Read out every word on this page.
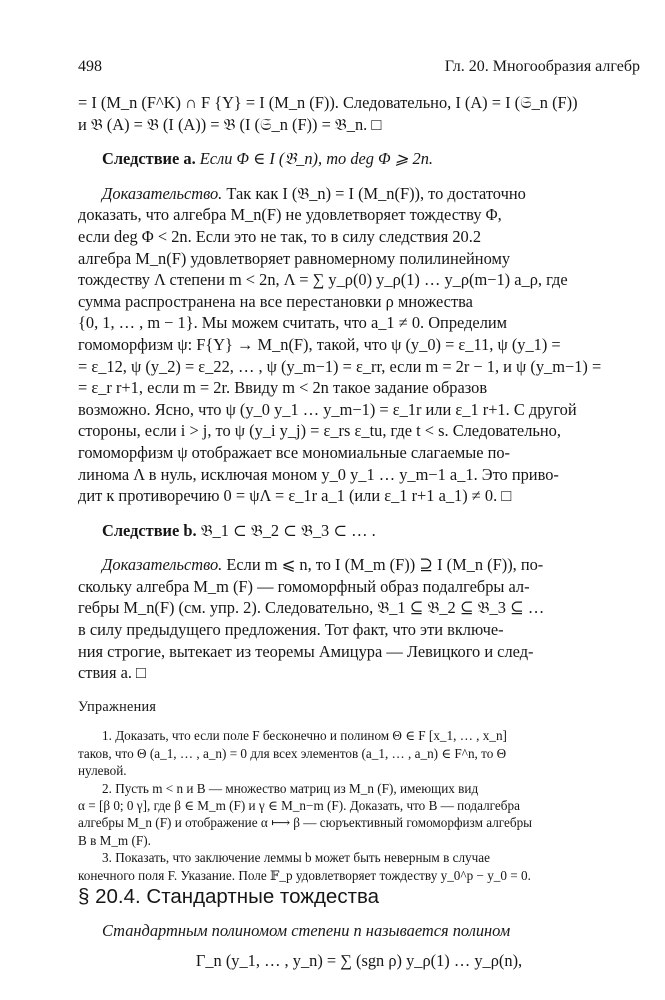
498	Гл. 20. Многообразия алгебр

= I (M_n (F^K) ∩ F {Y} = I (M_n (F)). Следовательно, I (A) = I (𝔖_n (F))

и 𝔅 (A) = 𝔅 (I (A)) = 𝔅 (I (𝔖_n (F)) = 𝔅_n. □

Следствие a. Если Φ ∈ I (𝔅_n), то deg Φ ⩾ 2n.

Доказательство. Так как I (𝔅_n) = I (M_n(F)), то достаточно

доказать, что алгебра M_n(F) не удовлетворяет тождеству Φ,

если deg Φ < 2n. Если это не так, то в силу следствия 20.2

алгебра M_n(F) удовлетворяет равномерному полилинейному

тождеству Λ степени m < 2n, Λ = ∑ y_ρ(0) y_ρ(1) … y_ρ(m−1) a_ρ, где

сумма распространена на все перестановки ρ множества

{0, 1, … , m − 1}. Мы можем считать, что a_1 ≠ 0. Определим

гомоморфизм ψ: F{Y} → M_n(F), такой, что ψ (y_0) = ε_11, ψ (y_1) =

= ε_12, ψ (y_2) = ε_22, … , ψ (y_m−1) = ε_rr, если m = 2r − 1, и ψ (y_m−1) =

= ε_r r+1, если m = 2r. Ввиду m < 2n такое задание образов

возможно. Ясно, что ψ (y_0 y_1 … y_m−1) = ε_1r или ε_1 r+1. С другой

стороны, если i > j, то ψ (y_i y_j) = ε_rs ε_tu, где t < s. Следовательно,

гомоморфизм ψ отображает все мономиальные слагаемые по-

линома Λ в нуль, исключая моном y_0 y_1 … y_m−1 a_1. Это приво-

дит к противоречию 0 = ψΛ = ε_1r a_1 (или ε_1 r+1 a_1) ≠ 0. □

Следствие b. 𝔅_1 ⊂ 𝔅_2 ⊂ 𝔅_3 ⊂ … .

Доказательство. Если m ⩽ n, то I (M_m (F)) ⊇ I (M_n (F)), по-

скольку алгебра M_m (F) — гомоморфный образ подалгебры ал-

гебры M_n(F) (см. упр. 2). Следовательно, 𝔅_1 ⊆ 𝔅_2 ⊆ 𝔅_3 ⊆ …

в силу предыдущего предложения. Тот факт, что эти включе-

ния строгие, вытекает из теоремы Амицура — Левицкого и след-

ствия a. □

Упражнения

1. Доказать, что если поле F бесконечно и полином Θ ∈ F [x_1, … , x_n]

таков, что Θ (a_1, … , a_n) = 0 для всех элементов (a_1, … , a_n) ∈ F^n, то Θ

нулевой.

2. Пусть m < n и B — множество матриц из M_n (F), имеющих вид

α = [β 0; 0 γ], где β ∈ M_m (F) и γ ∈ M_n−m (F). Доказать, что B — подалгебра

алгебры M_n (F) и отображение α ⟼ β — сюръективный гомоморфизм алгебры

B в M_m (F).

3. Показать, что заключение леммы b может быть неверным в случае

конечного поля F. Указание. Поле 𝔽_p удовлетворяет тождеству y_0^p − y_0 = 0.

§ 20.4. Стандартные тождества

Стандартным полиномом степени n называется полином

Γ_n (y_1, … , y_n) = ∑ (sgn ρ) y_ρ(1) … y_ρ(n),
